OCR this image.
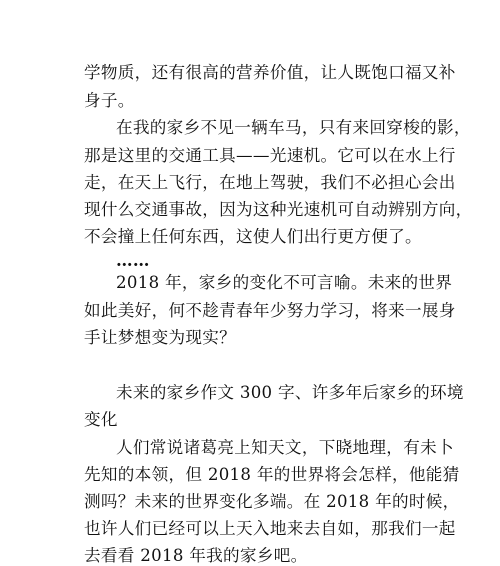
学物质，还有很高的营养价值，让人既饱口福又补
身子。
在我的家乡不见一辆车马，只有来回穿梭的影，
那是这里的交通工具——光速机。它可以在水上行
走，在天上飞行，在地上驾驶，我们不必担心会出
现什么交通事故，因为这种光速机可自动辨别方向，
不会撞上任何东西，这使人们出行更方便了。
……
2018 年，家乡的变化不可言喻。未来的世界
如此美好，何不趁青春年少努力学习，将来一展身
手让梦想变为现实？
未来的家乡作文 300 字、许多年后家乡的环境
变化
人们常说诸葛亮上知天文，下晓地理，有未卜
先知的本领，但 2018 年的世界将会怎样，他能猜
测吗？未来的世界变化多端。在 2018 年的时候，
也许人们已经可以上天入地来去自如，那我们一起
去看看 2018 年我的家乡吧。
